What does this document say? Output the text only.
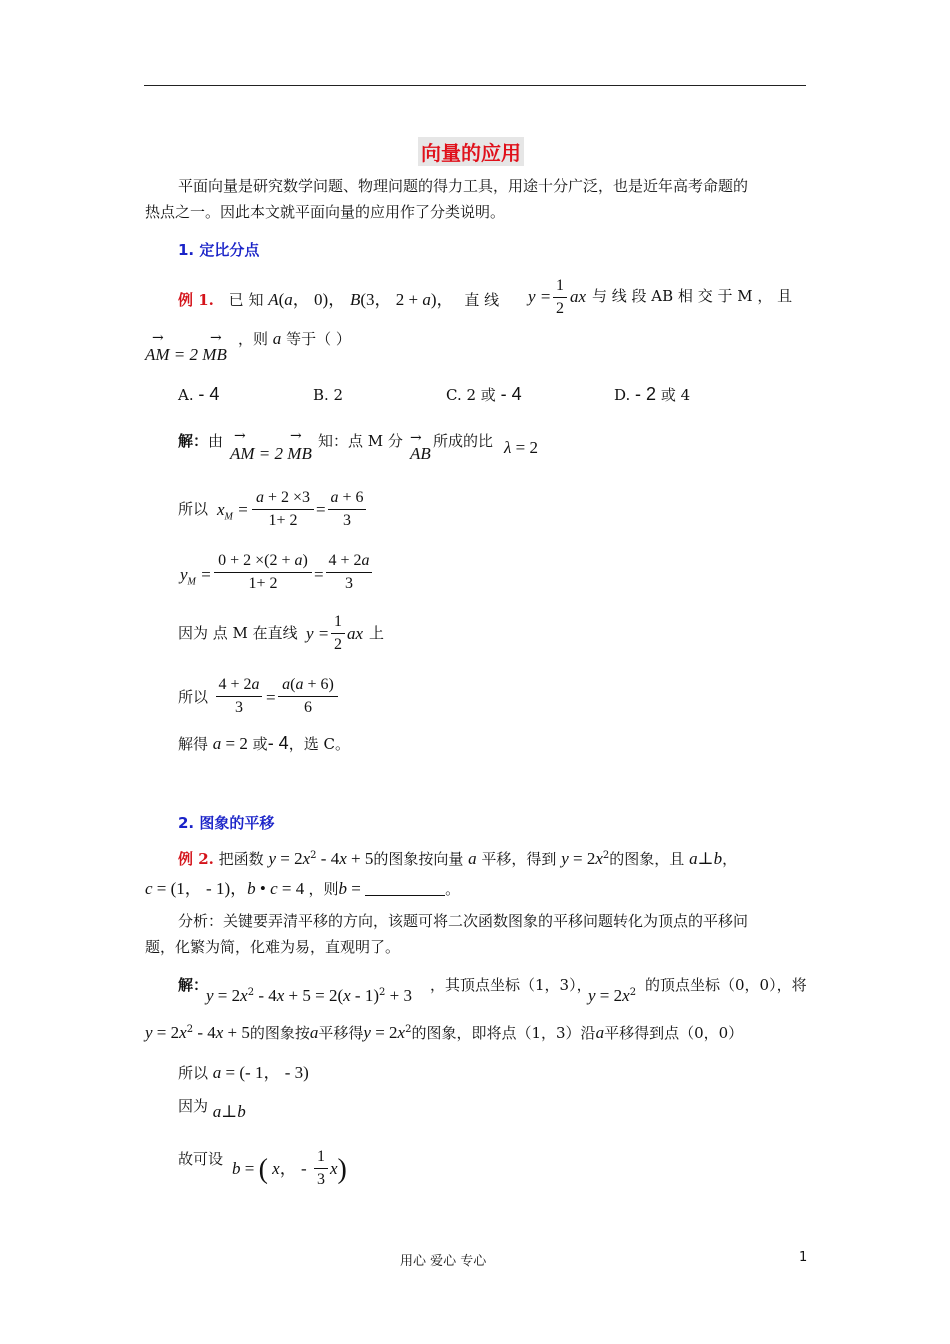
向量的应用
平面向量是研究数学问题、物理问题的得力工具，用途十分广泛，也是近年高考命题的
热点之一。因此本文就平面向量的应用作了分类说明。
1. 定比分点
例 1. 已 知 A(a， 0)， B(3， 2 + a)， 直 线 $y = \frac{1}{2}$ ax 与 线 段 AB 相 交 于 M ， 且
→	→
AM = 2 MB
，则 a 等于（ ）
A. - 4	B. 2	C. 2 或 - 4	D. - 2 或 4
解：由 →	→
AM = 2 MB
知：点 M 分 →
AB
所成的比 λ = 2
所以 $x_M = \frac{a + 2 \times 3}{1+ 2} = \frac{a + 6}{3}$
$y_M = \frac{0 + 2 \times(2 + a)}{1+ 2} = \frac{4 + 2a}{3}$
因为 点 M 在直线 $y = \frac{1}{2}$ ax 上
所以 $\frac{4 + 2a}{3} = \frac{a(a + 6)}{6}$
解得 a = 2 或- 4，选 C。
2. 图象的平移
例 2. 把函数 $y = 2x^2 - 4x + 5$的图象按向量 a 平移，得到 $y = 2x^2$的图象，且 a⊥b，
c = (1， - 1)，b • c = 4 ，则b =	。
分析：关键要弄清平移的方向，该题可将二次函数图象的平移问题转化为顶点的平移问
题，化繁为简，化难为易，直观明了。
解：
$y = 2x^2 - 4x + 5 = 2(x - 1)^2 + 3$
，其顶点坐标（1，3），
$y = 2x^2$ 的顶点坐标（0，0），将
$y = 2x^2 - 4x + 5$的图象按a平移得$y = 2x^2$的图象，即将点（1，3）沿a平移得到点（0，0）
所以 a = (- 1， - 3)
因为 a⊥b
故可设 b = ( x， - $\frac{1}{3} x$)
用心 爱心 专心	1
